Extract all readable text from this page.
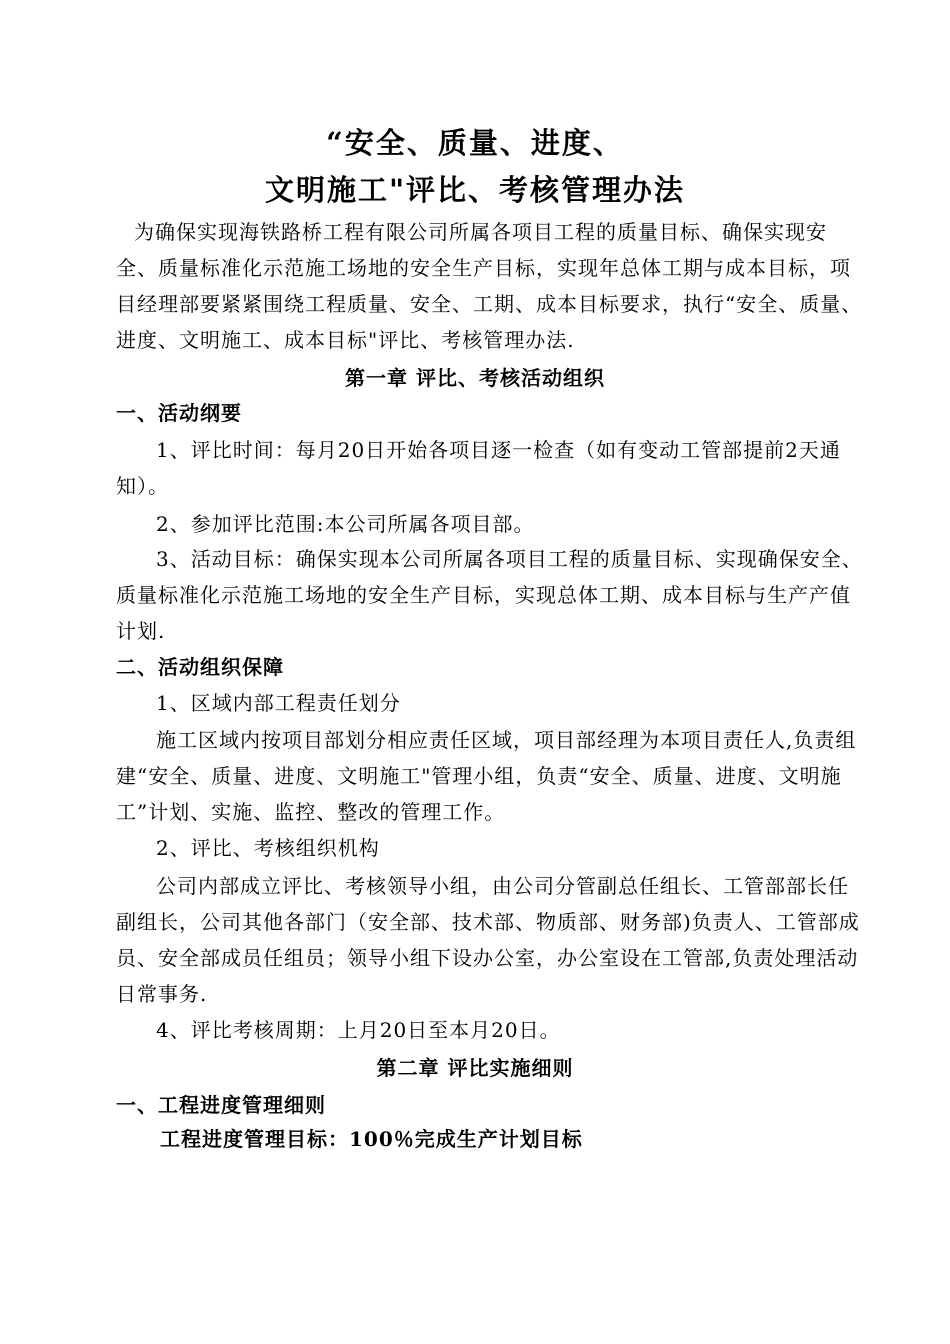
“安全、质量、进度、
文明施工"评比、考核管理办法

为确保实现海铁路桥工程有限公司所属各项目工程的质量目标、确保实现安全、质量标准化示范施工场地的安全生产目标，实现年总体工期与成本目标，项目经理部要紧紧围绕工程质量、安全、工期、成本目标要求，执行“安全、质量、进度、文明施工、成本目标"评比、考核管理办法.

第一章 评比、考核活动组织
一、活动纲要

1、评比时间：每月20日开始各项目逐一检查（如有变动工管部提前2天通知）。

2、参加评比范围:本公司所属各项目部。

3、活动目标：确保实现本公司所属各项目工程的质量目标、实现确保安全、质量标准化示范施工场地的安全生产目标，实现总体工期、成本目标与生产产值计划.

二、活动组织保障
1、区域内部工程责任划分

施工区域内按项目部划分相应责任区域，项目部经理为本项目责任人,负责组建“安全、质量、进度、文明施工"管理小组，负责“安全、质量、进度、文明施工”计划、实施、监控、整改的管理工作。

2、评比、考核组织机构

公司内部成立评比、考核领导小组，由公司分管副总任组长、工管部部长任副组长，公司其他各部门（安全部、技术部、物质部、财务部)负责人、工管部成员、安全部成员任组员；领导小组下设办公室，办公室设在工管部,负责处理活动日常事务.

4、评比考核周期：上月20日至本月20日。
第二章 评比实施细则
一、工程进度管理细则
工程进度管理目标：100％完成生产计划目标
